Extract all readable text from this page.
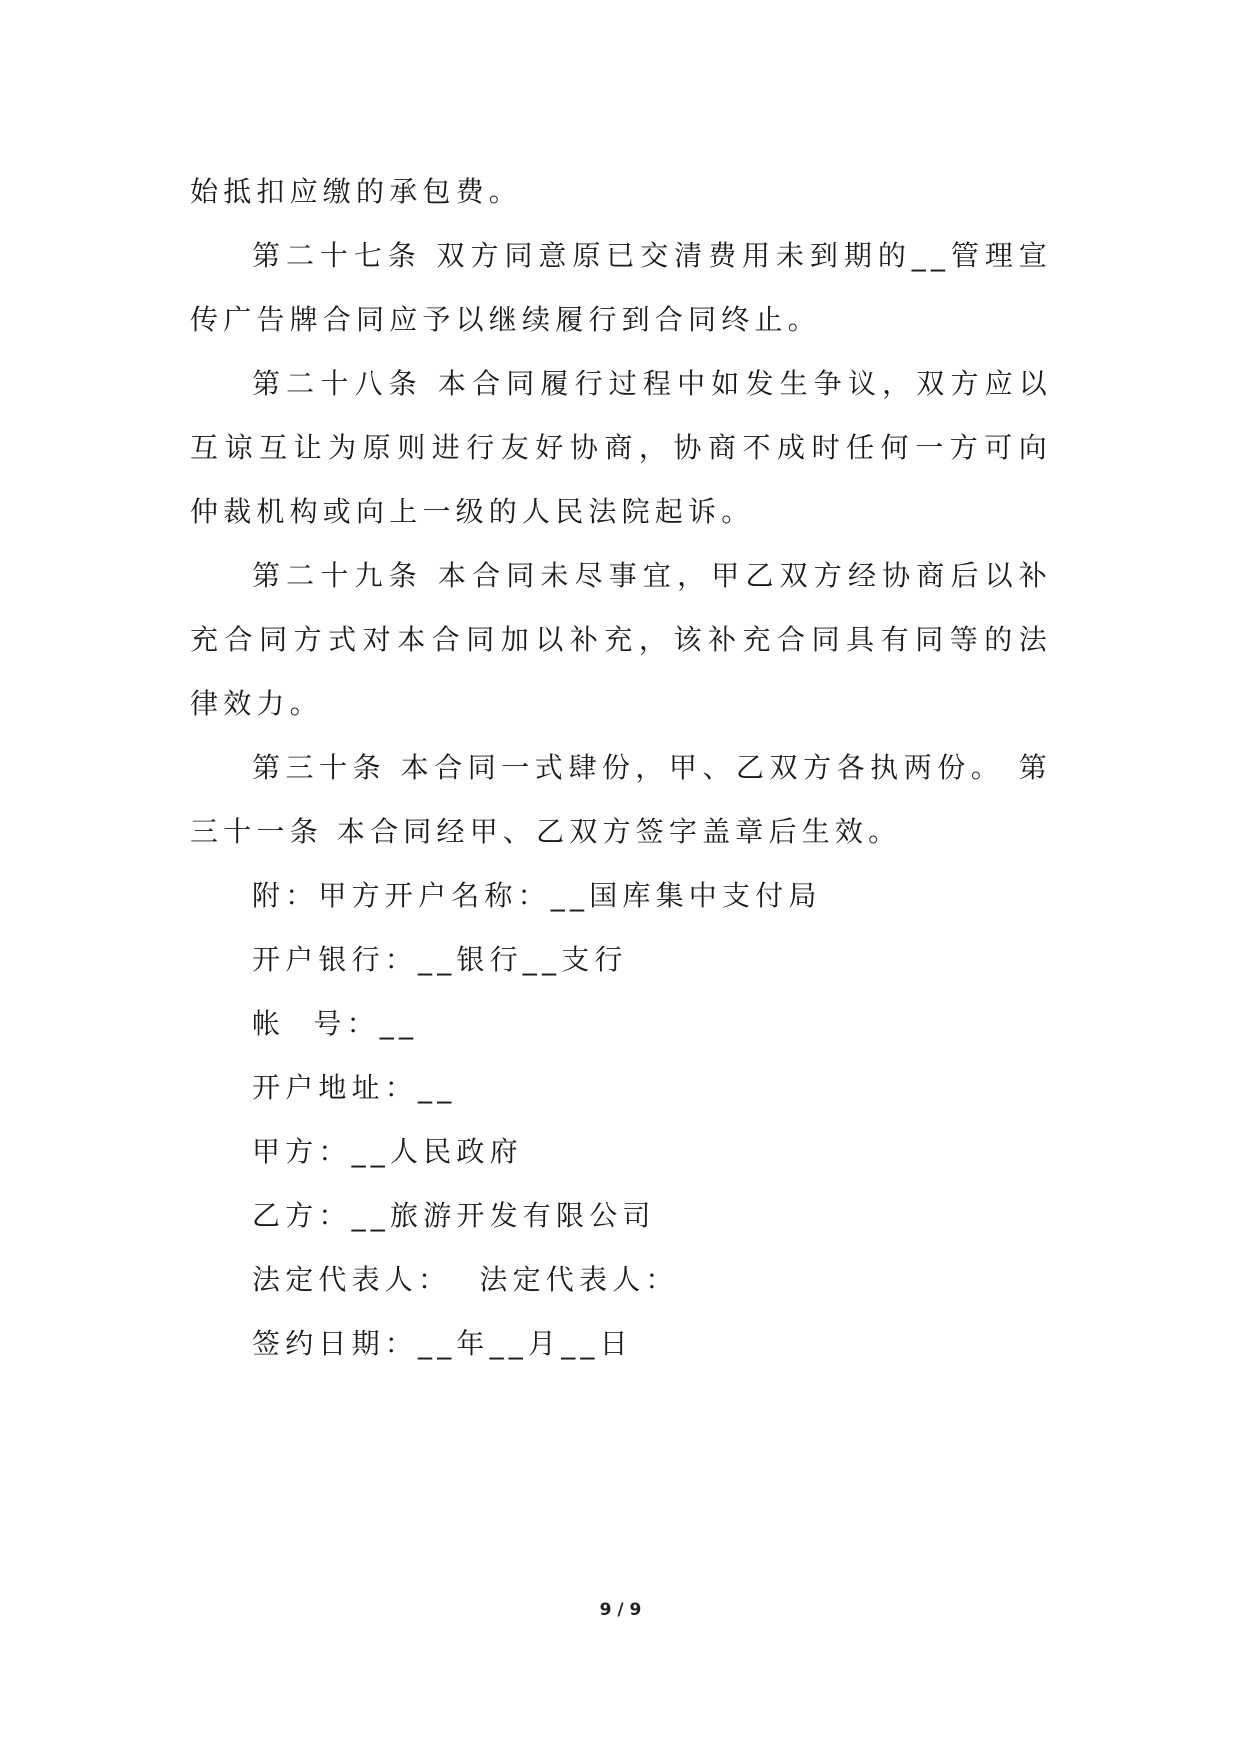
始抵扣应缴的承包费。

第二十七条 双方同意原已交清费用未到期的__管理宣传广告牌合同应予以继续履行到合同终止。

第二十八条 本合同履行过程中如发生争议，双方应以互谅互让为原则进行友好协商，协商不成时任何一方可向仲裁机构或向上一级的人民法院起诉。

第二十九条 本合同未尽事宜，甲乙双方经协商后以补充合同方式对本合同加以补充，该补充合同具有同等的法律效力。

第三十条 本合同一式肆份，甲、乙双方各执两份。 第三十一条 本合同经甲、乙双方签字盖章后生效。

附：甲方开户名称：__国库集中支付局

开户银行：__银行__支行

帐  号：__

开户地址：__

甲方：__人民政府

乙方：__旅游开发有限公司

法定代表人：  法定代表人：

签约日期：__年__月__日

9 / 9
